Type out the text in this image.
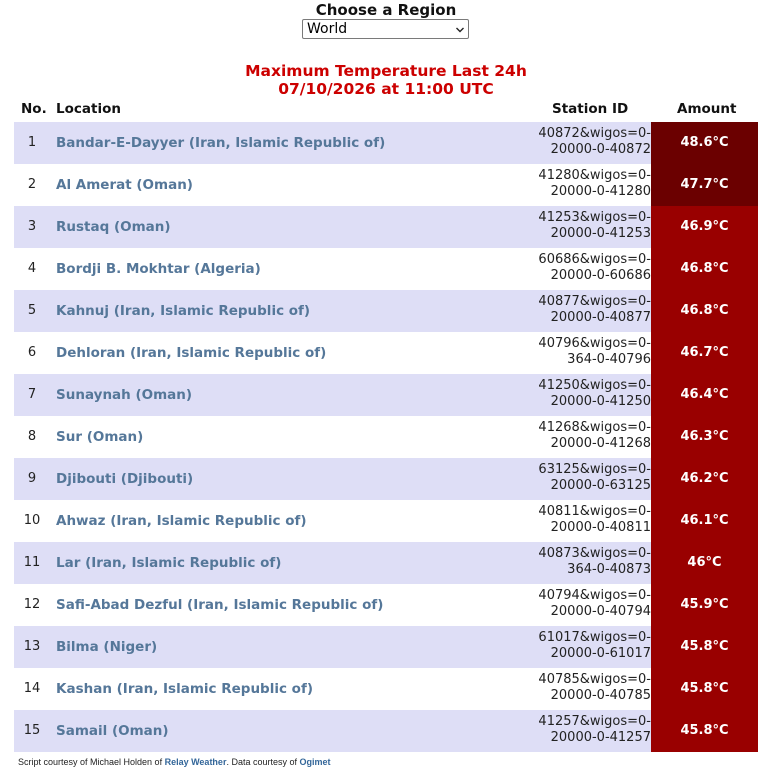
Choose a Region
World
Maximum Temperature Last 24h
07/10/2026 at 11:00 UTC
No. Location	Station ID	Amount
1	Bandar-E-Dayyer (Iran, Islamic Republic of)
40872&wigos=0-
20000-0-40872	48.6°C
2	Al Amerat (Oman)
41280&wigos=0-
20000-0-41280	47.7°C
3	Rustaq (Oman)
41253&wigos=0-
20000-0-41253	46.9°C
4	Bordji B. Mokhtar (Algeria)
60686&wigos=0-
20000-0-60686	46.8°C
5	Kahnuj (Iran, Islamic Republic of)
40877&wigos=0-
20000-0-40877	46.8°C
6	Dehloran (Iran, Islamic Republic of)
40796&wigos=0-
364-0-40796	46.7°C
7	Sunaynah (Oman)
41250&wigos=0-
20000-0-41250	46.4°C
8	Sur (Oman)
41268&wigos=0-
20000-0-41268	46.3°C
9	Djibouti (Djibouti)
63125&wigos=0-
20000-0-63125	46.2°C
10	Ahwaz (Iran, Islamic Republic of)
40811&wigos=0-
20000-0-40811	46.1°C
11	Lar (Iran, Islamic Republic of)
40873&wigos=0-
364-0-40873	46°C
12	Safi-Abad Dezful (Iran, Islamic Republic of)
40794&wigos=0-
20000-0-40794	45.9°C
13	Bilma (Niger)
61017&wigos=0-
20000-0-61017	45.8°C
14	Kashan (Iran, Islamic Republic of)
40785&wigos=0-
20000-0-40785	45.8°C
15	Samail (Oman)
41257&wigos=0-
20000-0-41257	45.8°C
Script courtesy of Michael Holden of Relay Weather. Data courtesy of Ogimet
